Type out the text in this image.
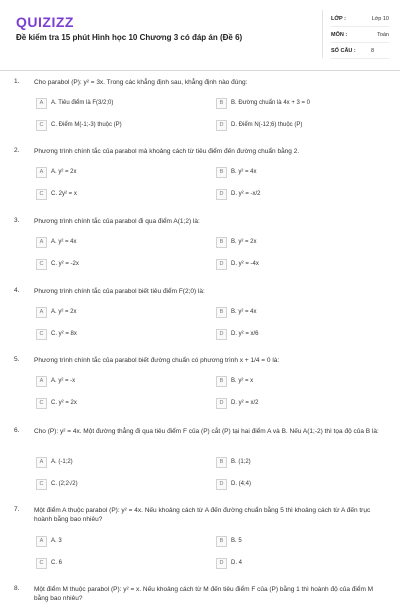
QUIZIZZ
Đề kiểm tra 15 phút Hình học 10 Chương 3 có đáp án (Đề 6)
LỚP :	Lớp 10
MÔN :	Toán
SỐ CÂU :	8
1. Cho parabol (P): y² = 3x. Trong các khẳng định sau, khẳng định nào đúng:
A	A. Tiêu điểm là F(3/2;0)	B	B. Đường chuẩn là 4x + 3 = 0
C	C. Điểm M(-1;-3) thuộc (P)	D	D. Điểm N(-12;6) thuộc (P)
2. Phương trình chính tắc của parabol mà khoảng cách từ tiêu điểm đến đường chuẩn bằng 2.
A	A. y² = 2x	B	B. y² = 4x
C	C. 2y² = x	D	D. y² = -x/2
3. Phương trình chính tắc của parabol đi qua điểm A(1;2) là:
A	A. y² = 4x	B	B. y² = 2x
C	C. y² = -2x	D	D. y² = -4x
4. Phương trình chính tắc của parabol biết tiêu điểm F(2;0) là:
A	A. y² = 2x	B	B. y² = 4x
C	C. y² = 8x	D	D. y² = x/6
5. Phương trình chính tắc của parabol biết đường chuẩn có phương trình x + 1/4 = 0 là:
A	A. y² = -x	B	B. y² = x
C	C. y² = 2x	D	D. y² = x/2
6. Cho (P): y² = 4x. Một đường thẳng đi qua tiêu điểm F của (P) cắt (P) tại hai điểm A và B. Nếu A(1;-2) thì tọa độ của B là:
A	A. (-1;2)	B	B. (1;2)
C	C. (2;2√2)	D	D. (4;4)
7. Một điểm A thuộc parabol (P): y² = 4x. Nếu khoảng cách từ A đến đường chuẩn bằng 5 thì khoảng cách từ A đến trục hoành bằng bao nhiêu?
A	A. 3	B	B. 5
C	C. 6	D	D. 4
8. Một điểm M thuộc parabol (P): y² = x. Nếu khoảng cách từ M đến tiêu điểm F của (P) bằng 1 thì hoành độ của điểm M bằng bao nhiêu?
